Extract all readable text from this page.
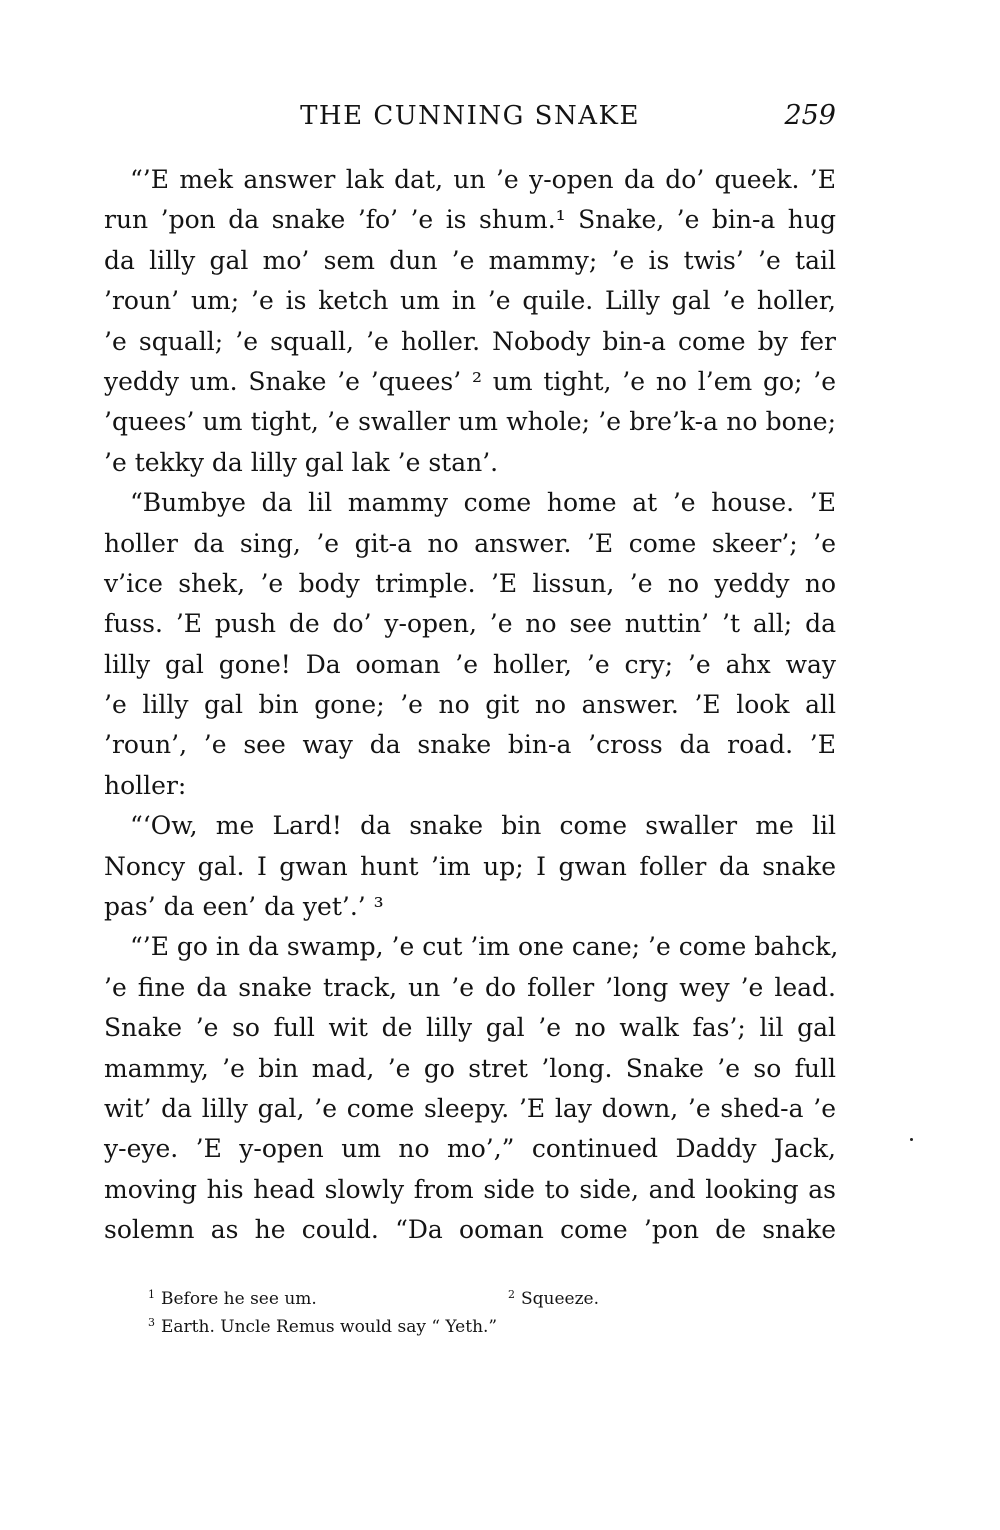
THE CUNNING SNAKE	259
“’E mek answer lak dat, un ’e y-open da do’ queek. ’E
run ’pon da snake ’fo’ ’e is shum.¹ Snake, ’e bin-a hug
da lilly gal mo’ sem dun ’e mammy; ’e is twis’ ’e tail
’roun’ um; ’e is ketch um in ’e quile. Lilly gal ’e holler,
’e squall; ’e squall, ’e holler. Nobody bin-a come by fer
yeddy um. Snake ’e ’quees’ ² um tight, ’e no l’em go; ’e
’quees’ um tight, ’e swaller um whole; ’e bre’k-a no bone;
’e tekky da lilly gal lak ’e stan’.
“Bumbye da lil mammy come home at ’e house. ’E
holler da sing, ’e git-a no answer. ’E come skeer’; ’e
v’ice shek, ’e body trimple. ’E lissun, ’e no yeddy no
fuss. ’E push de do’ y-open, ’e no see nuttin’ ’t all; da
lilly gal gone! Da ooman ’e holler, ’e cry; ’e ahx way
’e lilly gal bin gone; ’e no git no answer. ’E look all
’roun’, ’e see way da snake bin-a ’cross da road. ’E
holler:
“‘Ow, me Lard! da snake bin come swaller me lil
Noncy gal. I gwan hunt ’im up; I gwan foller da snake
pas’ da een’ da yet’.’ ³
“’E go in da swamp, ’e cut ’im one cane; ’e come bahck,
’e fine da snake track, un ’e do foller ’long wey ’e lead.
Snake ’e so full wit de lilly gal ’e no walk fas’; lil gal
mammy, ’e bin mad, ’e go stret ’long. Snake ’e so full
wit’ da lilly gal, ’e come sleepy. ’E lay down, ’e shed-a ’e
y-eye. ’E y-open um no mo’,” continued Daddy Jack,
moving his head slowly from side to side, and looking as
solemn as he could. “Da ooman come ’pon de snake
$^1$ Before he see um.	$^2$ Squeeze.
$^3$ Earth. Uncle Remus would say “ Yeth.”
